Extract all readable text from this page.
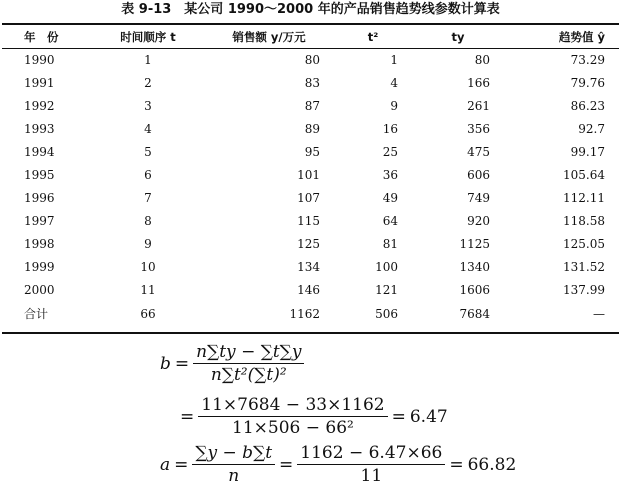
表 9-13　某公司 1990～2000 年的产品销售趋势线参数计算表
年　份	时间顺序 t	销售额 y/万元	t²	ty	趋势值 ŷ
1990	1	80	1	80	73.29
1991	2	83	4	166	79.76
1992	3	87	9	261	86.23
1993	4	89	16	356	92.7
1994	5	95	25	475	99.17
1995	6	101	36	606	105.64
1996	7	107	49	749	112.11
1997	8	115	64	920	118.58
1998	9	125	81	1125	125.05
1999	10	134	100	1340	131.52
2000	11	146	121	1606	137.99
合计	66	1162	506	7684	—
$b = \frac{n\sum ty - \sum t\sum y}{\text{n∑t²(∑t)²}}$
= $\frac{11\times 7684 - 33\times 1162}{\text{11×506 − 66²}} = 6.47$
$a = \frac{\sum y - b\sum t}{n} = \frac{1162 - 6.47\times 66}{11} = 66.82$
